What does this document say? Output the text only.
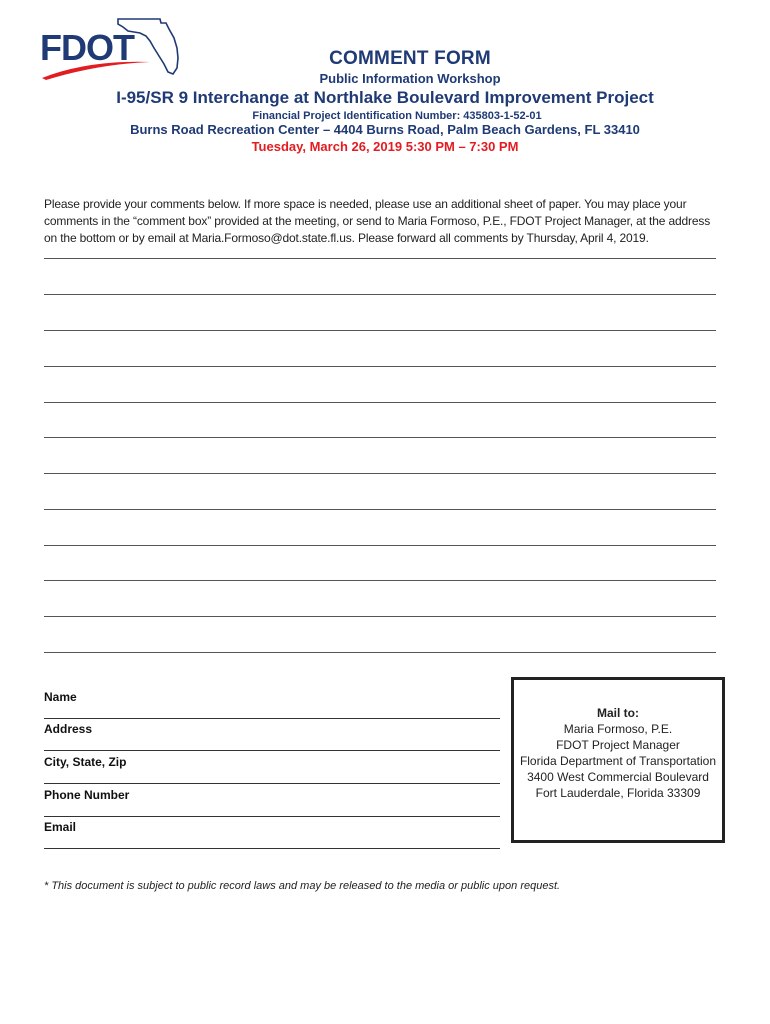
FDOT	COMMENT FORM
Public Information Workshop
I-95/SR 9 Interchange at Northlake Boulevard Improvement Project
Financial Project Identification Number: 435803-1-52-01
Burns Road Recreation Center – 4404 Burns Road, Palm Beach Gardens, FL 33410
Tuesday, March 26, 2019 5:30 PM – 7:30 PM
Please provide your comments below. If more space is needed, please use an additional sheet of paper. You may place your comments in the “comment box” provided at the meeting, or send to Maria Formoso, P.E., FDOT Project Manager, at the address on the bottom or by email at Maria.Formoso@dot.state.fl.us. Please forward all comments by Thursday, April 4, 2019.
Name
Address
City, State, Zip
Phone Number
Email
Mail to:
Maria Formoso, P.E.
FDOT Project Manager
Florida Department of Transportation
3400 West Commercial Boulevard
Fort Lauderdale, Florida 33309
* This document is subject to public record laws and may be released to the media or public upon request.
